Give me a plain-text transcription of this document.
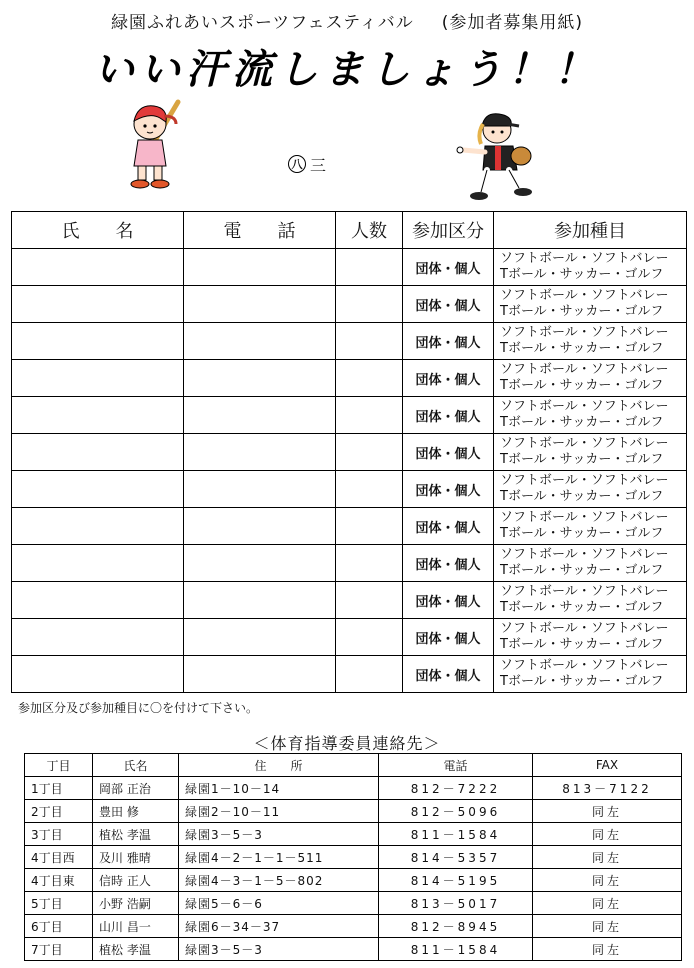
緑園ふれあいスポーツフェスティバル (参加者募集用紙)
いい汗流しましょう！！
八 三
氏　　名	電　　話	人数	参加区分	参加種目
			団体・個人	ソフトボール・ソフトバレー
Tボール・サッカー・ゴルフ

			団体・個人	ソフトボール・ソフトバレー
Tボール・サッカー・ゴルフ

			団体・個人	ソフトボール・ソフトバレー
Tボール・サッカー・ゴルフ

			団体・個人	ソフトボール・ソフトバレー
Tボール・サッカー・ゴルフ

			団体・個人	ソフトボール・ソフトバレー
Tボール・サッカー・ゴルフ

			団体・個人	ソフトボール・ソフトバレー
Tボール・サッカー・ゴルフ

			団体・個人	ソフトボール・ソフトバレー
Tボール・サッカー・ゴルフ

			団体・個人	ソフトボール・ソフトバレー
Tボール・サッカー・ゴルフ

			団体・個人	ソフトボール・ソフトバレー
Tボール・サッカー・ゴルフ

			団体・個人	ソフトボール・ソフトバレー
Tボール・サッカー・ゴルフ

			団体・個人	ソフトボール・ソフトバレー
Tボール・サッカー・ゴルフ

			団体・個人	ソフトボール・ソフトバレー
Tボール・サッカー・ゴルフ
参加区分及び参加種目に〇を付けて下さい。
＜体育指導委員連絡先＞
丁目	氏名	住　　所	電話	FAX
1丁目	岡部 正治	緑園1－10－14	812－7222	813－7122
2丁目	豊田 修	緑園2－10－11	812－5096	同左
3丁目	植松 孝温	緑園3－5－3	811－1584	同左
4丁目西	及川 雅晴	緑園4－2－1－1－511	814－5357	同左
4丁目東	信時 正人	緑園4－3－1－5－802	814－5195	同左
5丁目	小野 浩嗣	緑園5－6－6	813－5017	同左
6丁目	山川 昌一	緑園6－34－37	812－8945	同左
7丁目	植松 孝温	緑園3－5－3	811－1584	同左
